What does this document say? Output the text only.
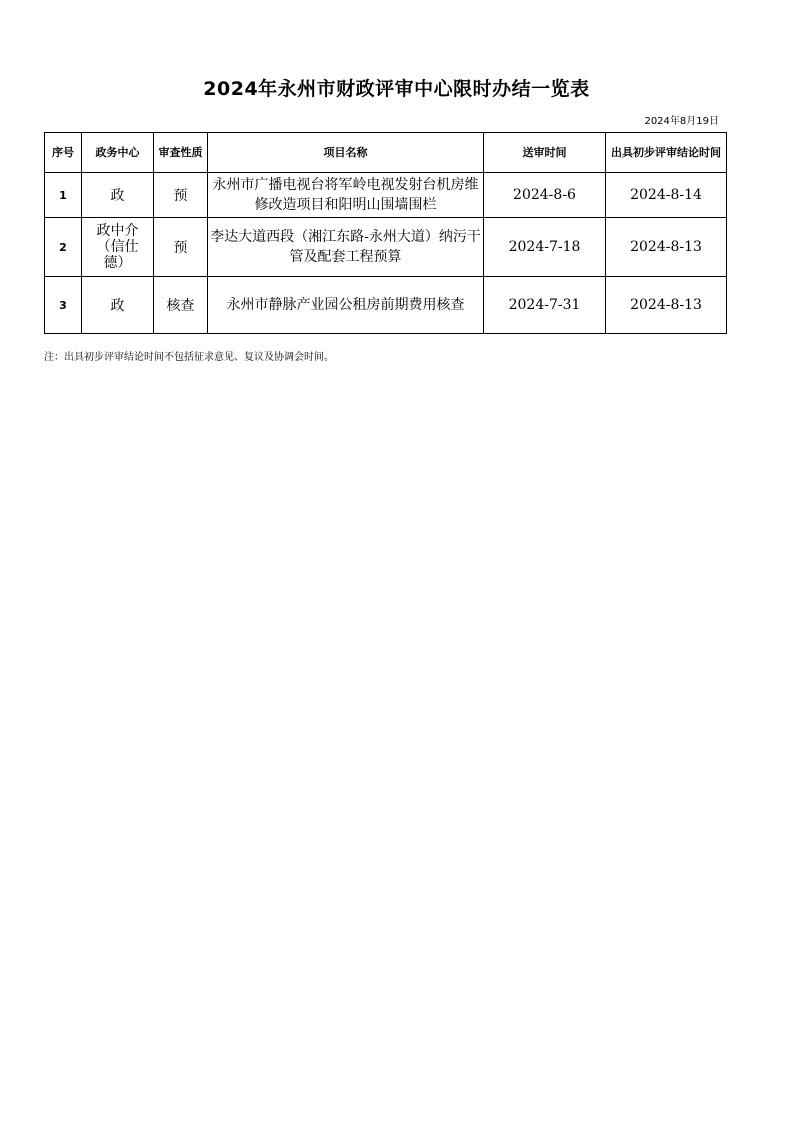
2024年永州市财政评审中心限时办结一览表
2024年8月19日
序号	政务中心	审查性质	项目名称	送审时间	出具初步评审结论时间
1	政	预	永州市广播电视台将军岭电视发射台机房维修改造项目和阳明山围墙围栏	2024-8-6	2024-8-14
2	政中介（信仕德）	预	李达大道西段（湘江东路-永州大道）纳污干管及配套工程预算	2024-7-18	2024-8-13
3	政	核查	永州市静脉产业园公租房前期费用核查	2024-7-31	2024-8-13
注：出具初步评审结论时间不包括征求意见、复议及协调会时间。
